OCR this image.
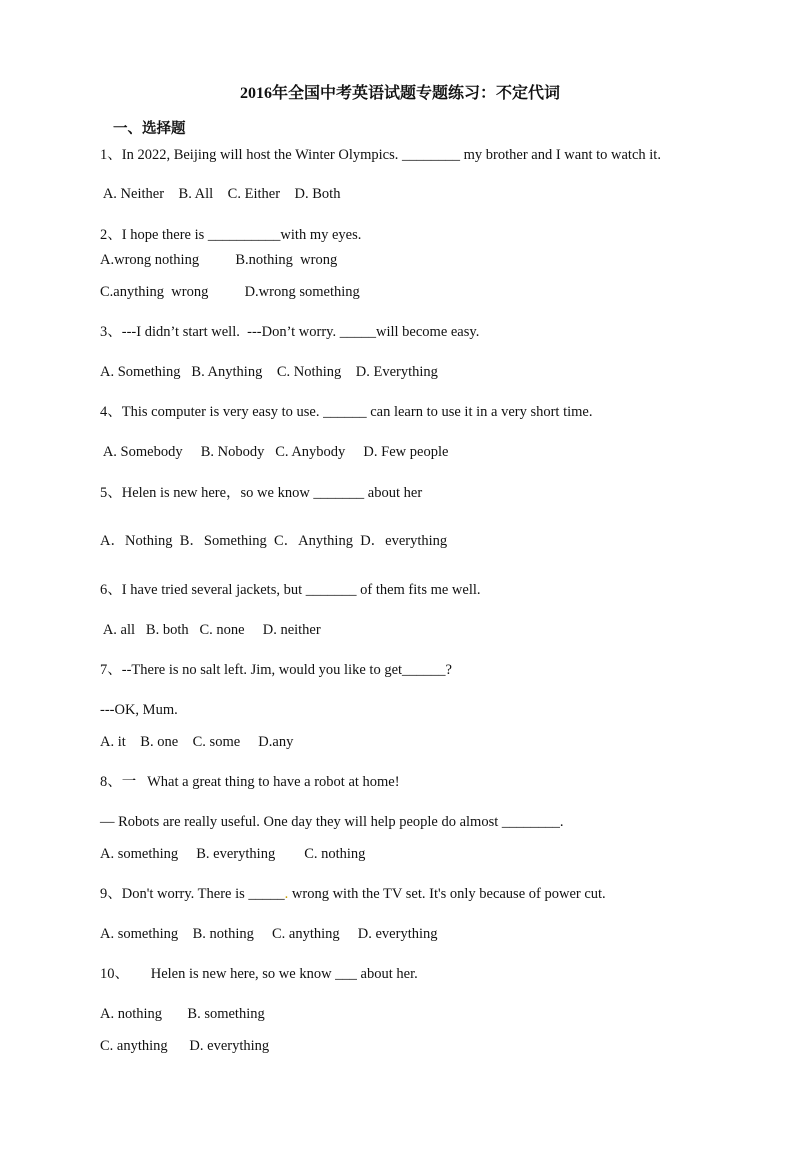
2016年全国中考英语试题专题练习：不定代词
一、选择题
1、In 2022, Beijing will host the Winter Olympics. ________ my brother and I want to watch it.
A. Neither    B. All    C. Either    D. Both
2、I hope there is __________with my eyes.
A.wrong nothing          B.nothing  wrong
C.anything  wrong          D.wrong something
3、---I didn’t start well.  ---Don’t worry. _____will become easy.
A. Something   B. Anything    C. Nothing    D. Everything
4、This computer is very easy to use. ______ can learn to use it in a very short time.
A. Somebody     B. Nobody   C. Anybody     D. Few people
5、Helen is new here，so we know _______ about her
A．Nothing  B．Something  C．Anything  D．everything
6、I have tried several jackets, but _______ of them fits me well.
A. all   B. both   C. none     D. neither
7、--There is no salt left. Jim, would you like to get______?
---OK, Mum.
A. it    B. one    C. some     D.any
8、一   What a great thing to have a robot at home!
— Robots are really useful. One day they will help people do almost ________.
A. something     B. everything        C. nothing
9、Don't worry. There is _____. wrong with the TV set. It's only because of power cut.
A. something    B. nothing     C. anything     D. everything
10、      Helen is new here, so we know ___ about her.
A. nothing       B. something
C. anything      D. everything
